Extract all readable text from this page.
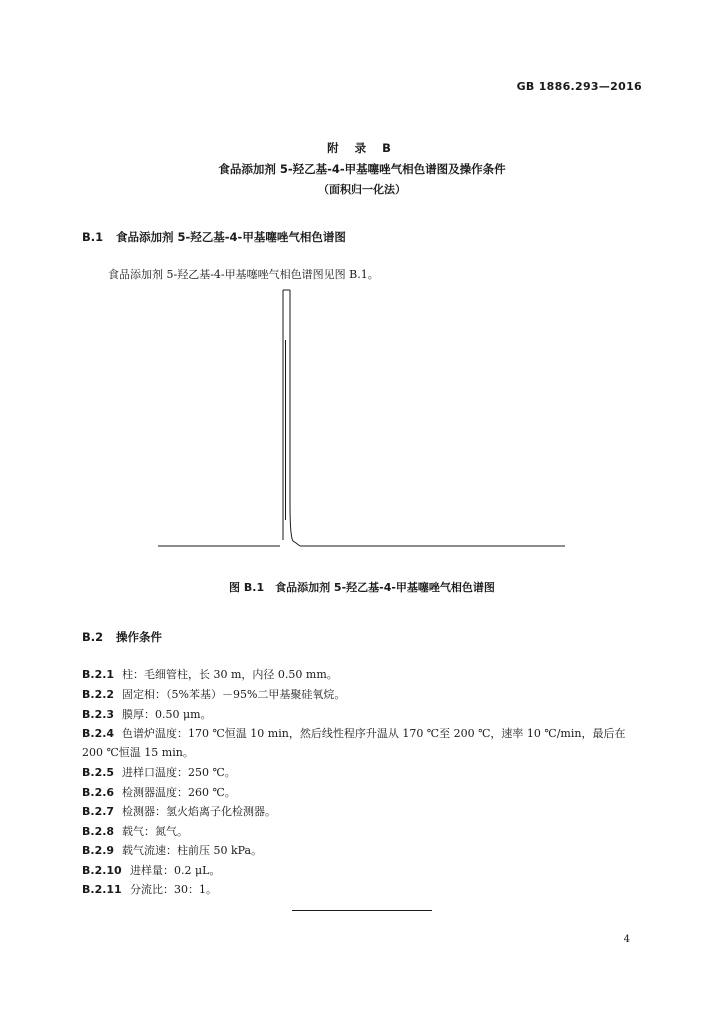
GB 1886.293—2016
附 录 B
食品添加剂 5-羟乙基-4-甲基噻唑气相色谱图及操作条件
（面积归一化法）
B.1 食品添加剂 5-羟乙基-4-甲基噻唑气相色谱图
食品添加剂 5-羟乙基-4-甲基噻唑气相色谱图见图 B.1。
图 B.1　食品添加剂 5-羟乙基-4-甲基噻唑气相色谱图
B.2 操作条件
B.2.1 柱：毛细管柱，长 30 m，内径 0.50 mm。
B.2.2 固定相：（5%苯基）－95%二甲基聚硅氧烷。
B.2.3 膜厚：0.50 μm。
B.2.4 色谱炉温度：170 ℃恒温 10 min，然后线性程序升温从 170 ℃至 200 ℃，速率 10 ℃/min，最后在
200 ℃恒温 15 min。
B.2.5 进样口温度：250 ℃。
B.2.6 检测器温度：260 ℃。
B.2.7 检测器：氢火焰离子化检测器。
B.2.8 载气：氮气。
B.2.9 载气流速：柱前压 50 kPa。
B.2.10 进样量：0.2 μL。
B.2.11 分流比：30：1。
4
